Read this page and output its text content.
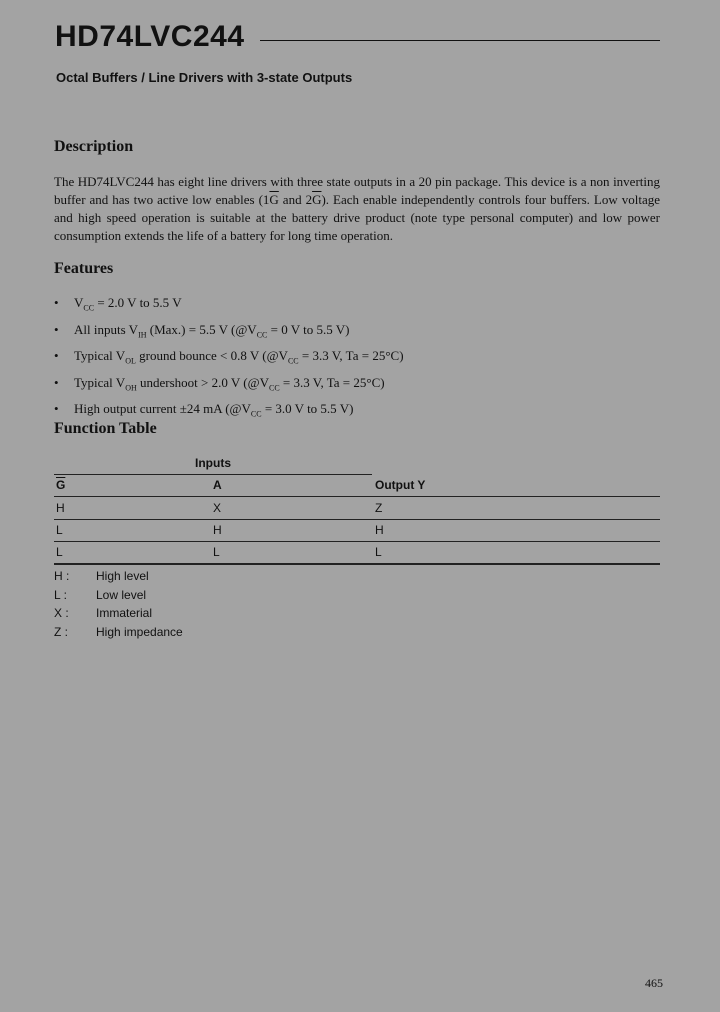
HD74LVC244
Octal Buffers / Line Drivers with 3-state Outputs
Description

The HD74LVC244 has eight line drivers with three state outputs in a 20 pin package. This device is a non inverting buffer and has two active low enables ($1\overline{G}$ and $2\overline{G}$). Each enable independently controls four buffers. Low voltage and high speed operation is suitable at the battery drive product (note type personal computer) and low power consumption extends the life of a battery for long time operation.

Features
• $V_{CC} = 2.0$ V to 5.5 V
• All inputs $V_{IH}$ (Max.) = 5.5 V ($@V_{CC} = 0$ V to 5.5 V)
• Typical $V_{OL}$ ground bounce < 0.8 V ($@V_{CC} = 3.3$ V, Ta = 25°C)
• Typical $V_{OH}$ undershoot > 2.0 V ($@V_{CC} = 3.3$ V, Ta = 25°C)
• High output current ±24 mA ($@V_{CC} = 3.0$ V to 5.5 V)
Function Table
Inputs
$\overline{G}$	A	Output Y
H	X	Z
L	H	H
L	L	L
H :	High level
L :	Low level
X :	Immaterial
Z :	High impedance
465
